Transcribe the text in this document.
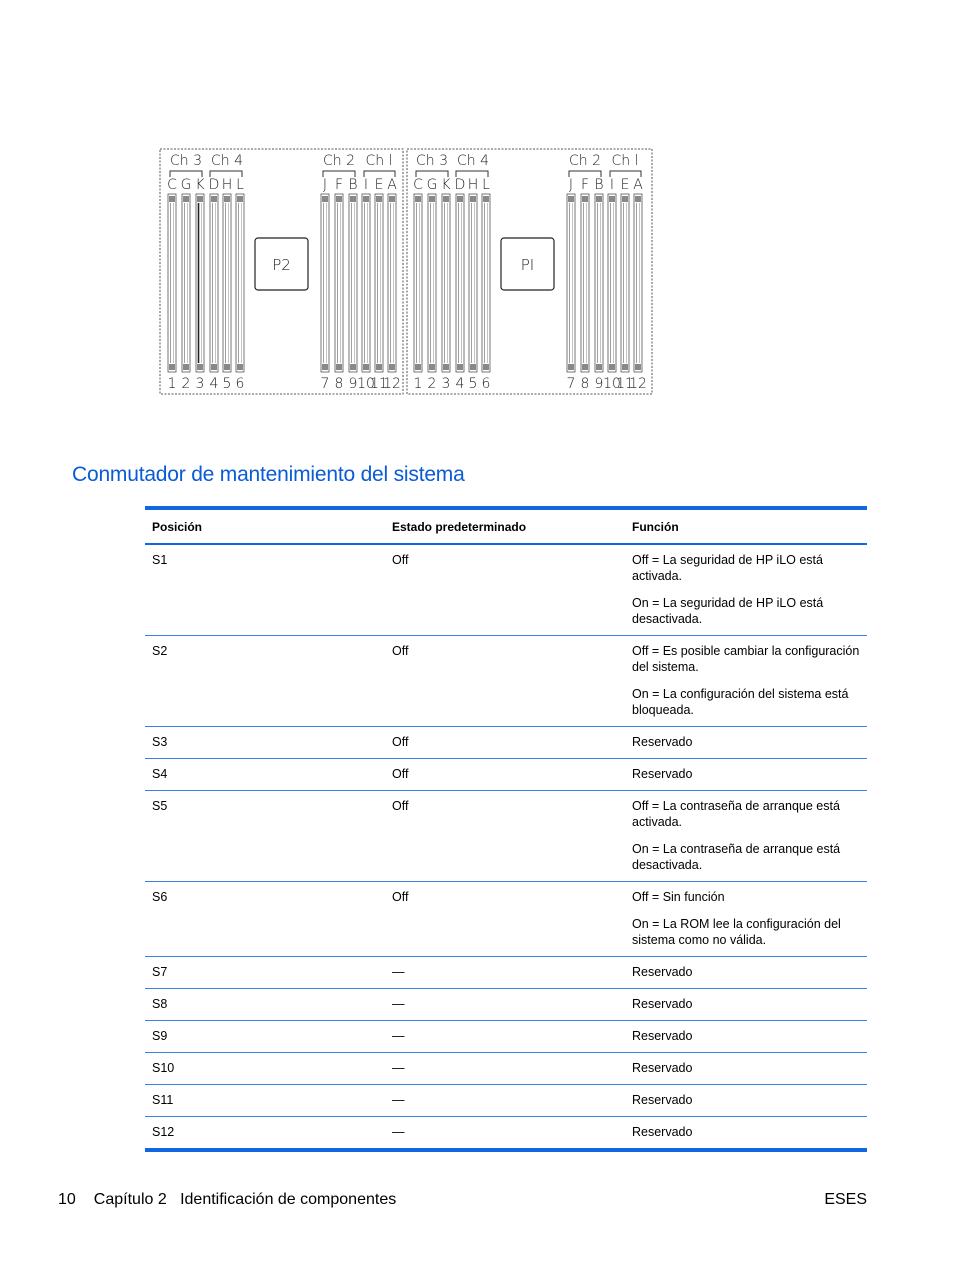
P2
Ch 3 Ch 4	Ch 2 Ch l
C
1
G
2
K
3
D
4
H
5
L
6
J
7
F
8
B
9
I
10
E
11
A
12
PI
Ch 3 Ch 4	Ch 2 Ch l
C
1
G
2
K
3
D
4
H
5
L
6
J
7
F
8
B
9
I
10
E
11
A
12
Conmutador de mantenimiento del sistema
Posición	Estado predeterminado	Función
S1	Off	Off = La seguridad de HP iLO está activada.

On = La seguridad de HP iLO está desactivada.

S2	Off	Off = Es posible cambiar la configuración del sistema.

On = La configuración del sistema está bloqueada.

S3	Off	Reservado

S4	Off	Reservado

S5	Off	Off = La contraseña de arranque está activada.

On = La contraseña de arranque está desactivada.

S6	Off	Off = Sin función

On = La ROM lee la configuración del sistema como no válida.

S7	—	Reservado

S8	—	Reservado

S9	—	Reservado

S10	—	Reservado

S11	—	Reservado

S12	—	Reservado

10 Capítulo 2   Identificación de componentes	ESES
